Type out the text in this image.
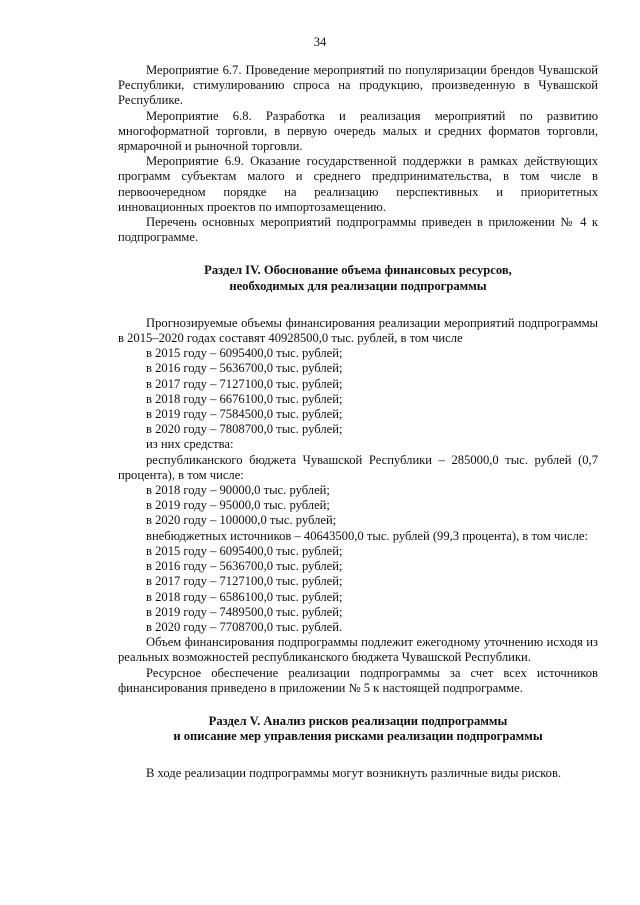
34

Мероприятие 6.7. Проведение мероприятий по популяризации брендов Чувашской Республики, стимулированию спроса на продукцию, произведенную в Чувашской Республике.

Мероприятие 6.8. Разработка и реализация мероприятий по развитию многоформатной торговли, в первую очередь малых и средних форматов торговли, ярмарочной и рыночной торговли.

Мероприятие 6.9. Оказание государственной поддержки в рамках действующих программ субъектам малого и среднего предпринимательства, в том числе в первоочередном порядке на реализацию перспективных и приоритетных инновационных проектов по импортозамещению.

Перечень основных мероприятий подпрограммы приведен в приложении № 4 к подпрограмме.

Раздел IV. Обоснование объема финансовых ресурсов,

необходимых для реализации подпрограммы

Прогнозируемые объемы финансирования реализации мероприятий подпрограммы в 2015–2020 годах составят 40928500,0 тыс. рублей, в том числе

в 2015 году – 6095400,0 тыс. рублей;

в 2016 году – 5636700,0 тыс. рублей;

в 2017 году – 7127100,0 тыс. рублей;

в 2018 году – 6676100,0 тыс. рублей;

в 2019 году – 7584500,0 тыс. рублей;

в 2020 году – 7808700,0 тыс. рублей;

из них средства:

республиканского бюджета Чувашской Республики – 285000,0 тыс. рублей (0,7 процента), в том числе:

в 2018 году – 90000,0 тыс. рублей;

в 2019 году – 95000,0 тыс. рублей;

в 2020 году – 100000,0 тыс. рублей;

внебюджетных источников – 40643500,0 тыс. рублей (99,3 процента), в том числе:

в 2015 году – 6095400,0 тыс. рублей;

в 2016 году – 5636700,0 тыс. рублей;

в 2017 году – 7127100,0 тыс. рублей;

в 2018 году – 6586100,0 тыс. рублей;

в 2019 году – 7489500,0 тыс. рублей;

в 2020 году – 7708700,0 тыс. рублей.

Объем финансирования подпрограммы подлежит ежегодному уточнению исходя из реальных возможностей республиканского бюджета Чувашской Республики.

Ресурсное обеспечение реализации подпрограммы за счет всех источников финансирования приведено в приложении № 5 к настоящей подпрограмме.

Раздел V. Анализ рисков реализации подпрограммы

и описание мер управления рисками реализации подпрограммы

В ходе реализации подпрограммы могут возникнуть различные виды рисков.
